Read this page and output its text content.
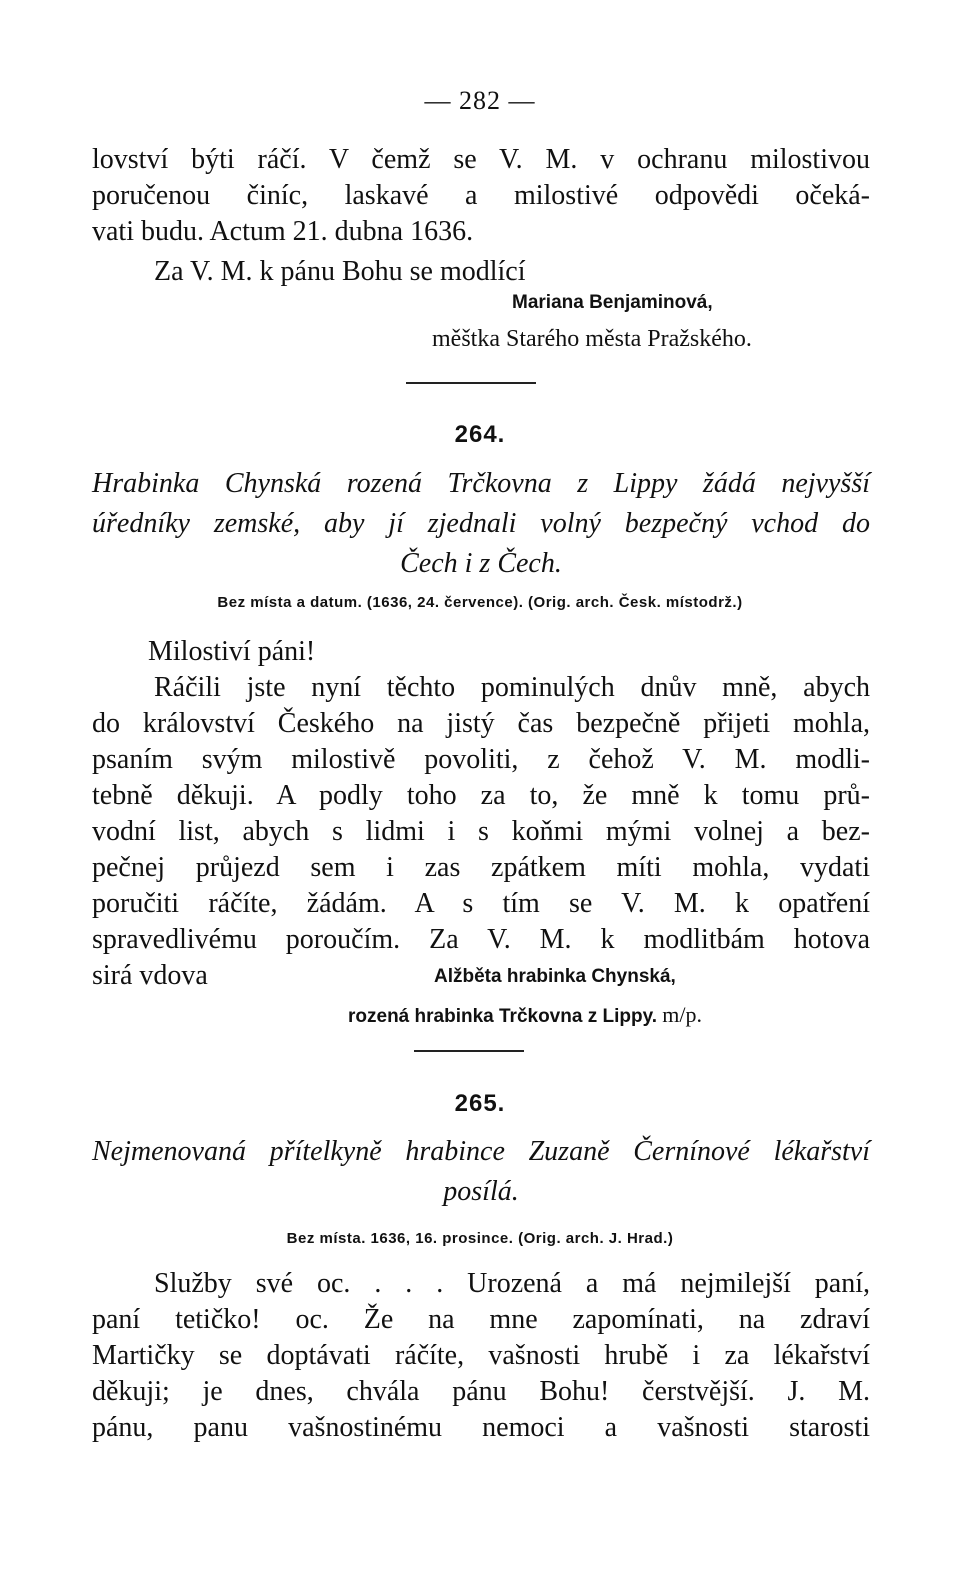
— 282 —
lovství býti ráčí. V čemž se V. M. v ochranu milostivou
poručenou činíc, laskavé a milostivé odpovědi očeká-
vati budu. Actum 21. dubna 1636.
Za V. M. k pánu Bohu se modlící
Mariana Benjaminová,
měštka Starého města Pražského.
264.
Hrabinka Chynská rozená Trčkovna z Lippy žádá nejvyšší
úředníky zemské, aby jí zjednali volný bezpečný vchod do
Čech i z Čech.
Bez místa a datum. (1636, 24. července). (Orig. arch. Česk. místodrž.)
Milostiví páni!
Ráčili jste nyní těchto pominulých dnův mně, abych
do království Českého na jistý čas bezpečně přijeti mohla,
psaním svým milostivě povoliti, z čehož V. M. modli-
tebně děkuji. A podly toho za to, že mně k tomu prů-
vodní list, abych s lidmi i s koňmi mými volnej a bez-
pečnej průjezd sem i zas zpátkem míti mohla, vydati
poručiti ráčíte, žádám. A s tím se V. M. k opatření
spravedlivému poroučím. Za V. M. k modlitbám hotova
sirá vdova	Alžběta hrabinka Chynská,
rozená hrabinka Trčkovna z Lippy. m/p.
265.
Nejmenovaná přítelkyně hrabince Zuzaně Černínové lékařství
posílá.
Bez místa. 1636, 16. prosince. (Orig. arch. J. Hrad.)
Služby své oc. . . . Urozená a má nejmilejší paní,
paní tetičko! oc. Že na mne zapomínati, na zdraví
Martičky se doptávati ráčíte, vašnosti hrubě i za lékařství
děkuji; je dnes, chvála pánu Bohu! čerstvější. J. M.
pánu, panu vašnostinému nemoci a vašnosti starosti
